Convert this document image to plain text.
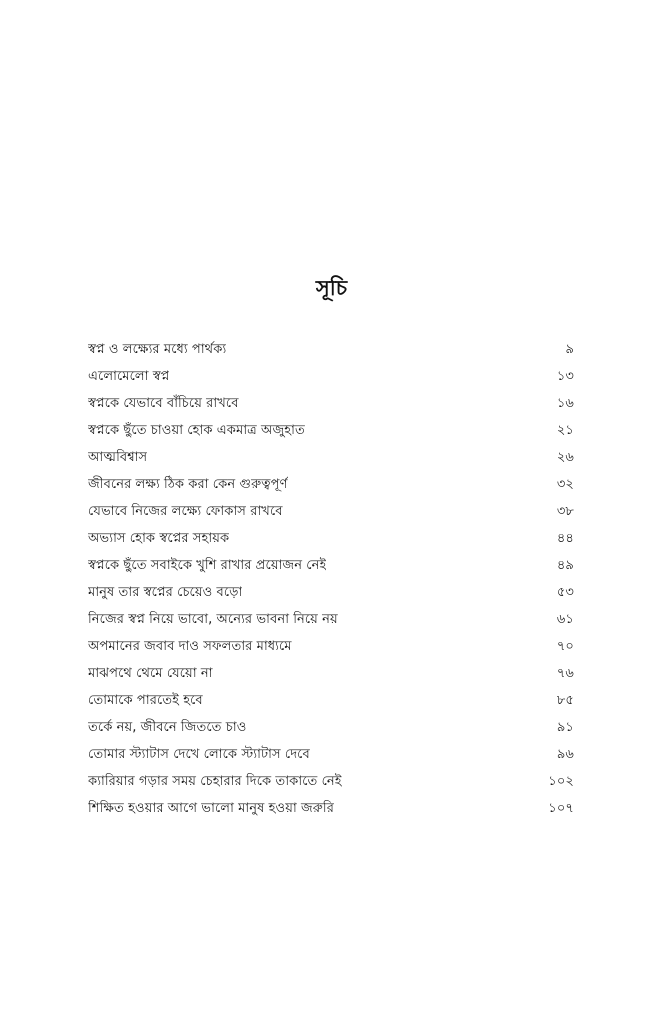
সূচি
স্বপ্ন ও লক্ষ্যের মধ্যে পার্থক্য	৯
এলোমেলো স্বপ্ন	১৩
স্বপ্নকে যেভাবে বাঁচিয়ে রাখবে	১৬
স্বপ্নকে ছুঁতে চাওয়া হোক একমাত্র অজুহাত	২১
আত্মবিশ্বাস	২৬
জীবনের লক্ষ্য ঠিক করা কেন গুরুত্বপূর্ণ	৩২
যেভাবে নিজের লক্ষ্যে ফোকাস রাখবে	৩৮
অভ্যাস হোক স্বপ্নের সহায়ক	৪৪
স্বপ্নকে ছুঁতে সবাইকে খুশি রাখার প্রয়োজন নেই	৪৯
মানুষ তার স্বপ্নের চেয়েও বড়ো	৫৩
নিজের স্বপ্ন নিয়ে ভাবো, অন্যের ভাবনা নিয়ে নয়	৬১
অপমানের জবাব দাও সফলতার মাধ্যমে	৭০
মাঝপথে থেমে যেয়ো না	৭৬
তোমাকে পারতেই হবে	৮৫
তর্কে নয়, জীবনে জিততে চাও	৯১
তোমার স্ট্যাটাস দেখে লোকে স্ট্যাটাস দেবে	৯৬
ক্যারিয়ার গড়ার সময় চেহারার দিকে তাকাতে নেই	১০২
শিক্ষিত হওয়ার আগে ভালো মানুষ হওয়া জরুরি	১০৭
